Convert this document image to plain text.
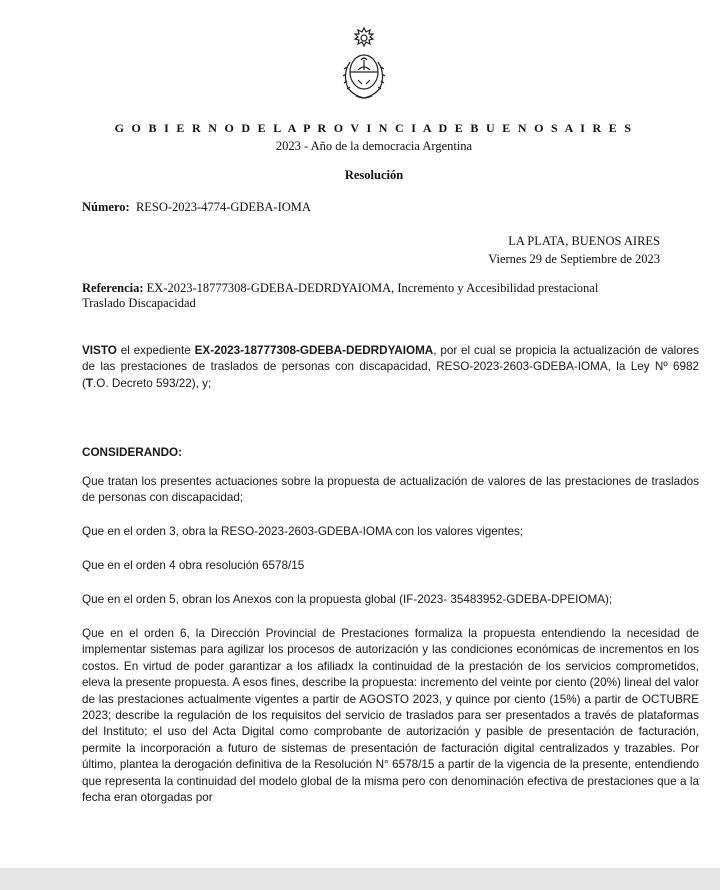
G O B I E R N O D E L A P R O V I N C I A D E B U E N O S A I R E S
2023 - Año de la democracia Argentina
Resolución
Número: RESO-2023-4774-GDEBA-IOMA
LA PLATA, BUENOS AIRES
Viernes 29 de Septiembre de 2023
Referencia: EX-2023-18777308-GDEBA-DEDRDYAIOMA, Incremento y Accesibilidad prestacional Traslado Discapacidad
VISTO el expediente EX-2023-18777308-GDEBA-DEDRDYAIOMA, por el cual se propicia la actualización de valores de las prestaciones de traslados de personas con discapacidad, RESO-2023-2603-GDEBA-IOMA, la Ley Nº 6982 (T.O. Decreto 593/22), y;
CONSIDERANDO:
Que tratan los presentes actuaciones sobre la propuesta de actualización de valores de las prestaciones de traslados de personas con discapacidad;
Que en el orden 3, obra la RESO-2023-2603-GDEBA-IOMA con los valores vigentes;
Que en el orden 4 obra resolución 6578/15
Que en el orden 5, obran los Anexos con la propuesta global (IF-2023- 35483952-GDEBA-DPEIOMA);
Que en el orden 6, la Dirección Provincial de Prestaciones formaliza la propuesta entendiendo la necesidad de implementar sistemas para agilizar los procesos de autorización y las condiciones económicas de incrementos en los costos. En virtud de poder garantizar a los afiliadx la continuidad de la prestación de los servicios comprometidos, eleva la presente propuesta. A esos fines, describe la propuesta: incremento del veinte por ciento (20%) lineal del valor de las prestaciones actualmente vigentes a partir de AGOSTO 2023, y quince por ciento (15%) a partir de OCTUBRE 2023; describe la regulación de los requisitos del servicio de traslados para ser presentados a través de plataformas del Instituto; el uso del Acta Digital como comprobante de autorización y pasible de presentación de facturación, permite la incorporación a futuro de sistemas de presentación de facturación digital centralizados y trazables. Por último, plantea la derogación definitiva de la Resolución N° 6578/15 a partir de la vigencia de la presente, entendiendo que representa la continuidad del modelo global de la misma pero con denominación efectiva de prestaciones que a la fecha eran otorgadas por
